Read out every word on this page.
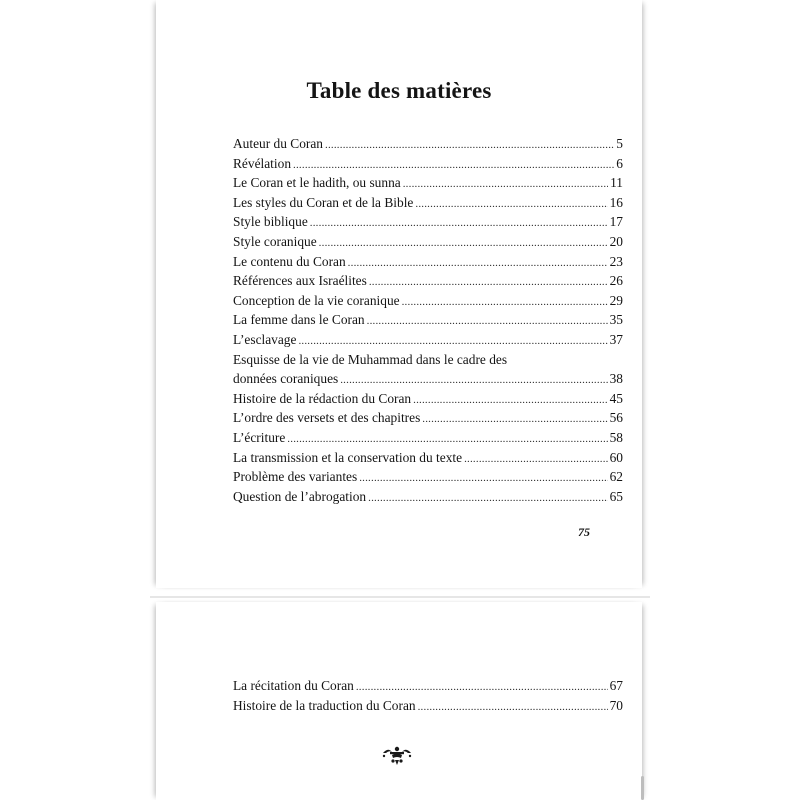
Table des matières
Auteur du Coran .....	5
Révélation .....	6
Le Coran et le hadith, ou sunna .....	11
Les styles du Coran et de la Bible .....	16
Style biblique .....	17
Style coranique .....	20
Le contenu du Coran .....	23
Références aux Israélites .....	26
Conception de la vie coranique .....	29
La femme dans le Coran .....	35
L’esclavage .....	37
Esquisse de la vie de Muhammad dans le cadre des
données coraniques .....	38
Histoire de la rédaction du Coran .....	45
L’ordre des versets et des chapitres .....	56
L’écriture .....	58
La transmission et la conservation du texte .....	60
Problème des variantes .....	62
Question de l’abrogation .....	65
75
La récitation du Coran .....	67
Histoire de la traduction du Coran .....	70
